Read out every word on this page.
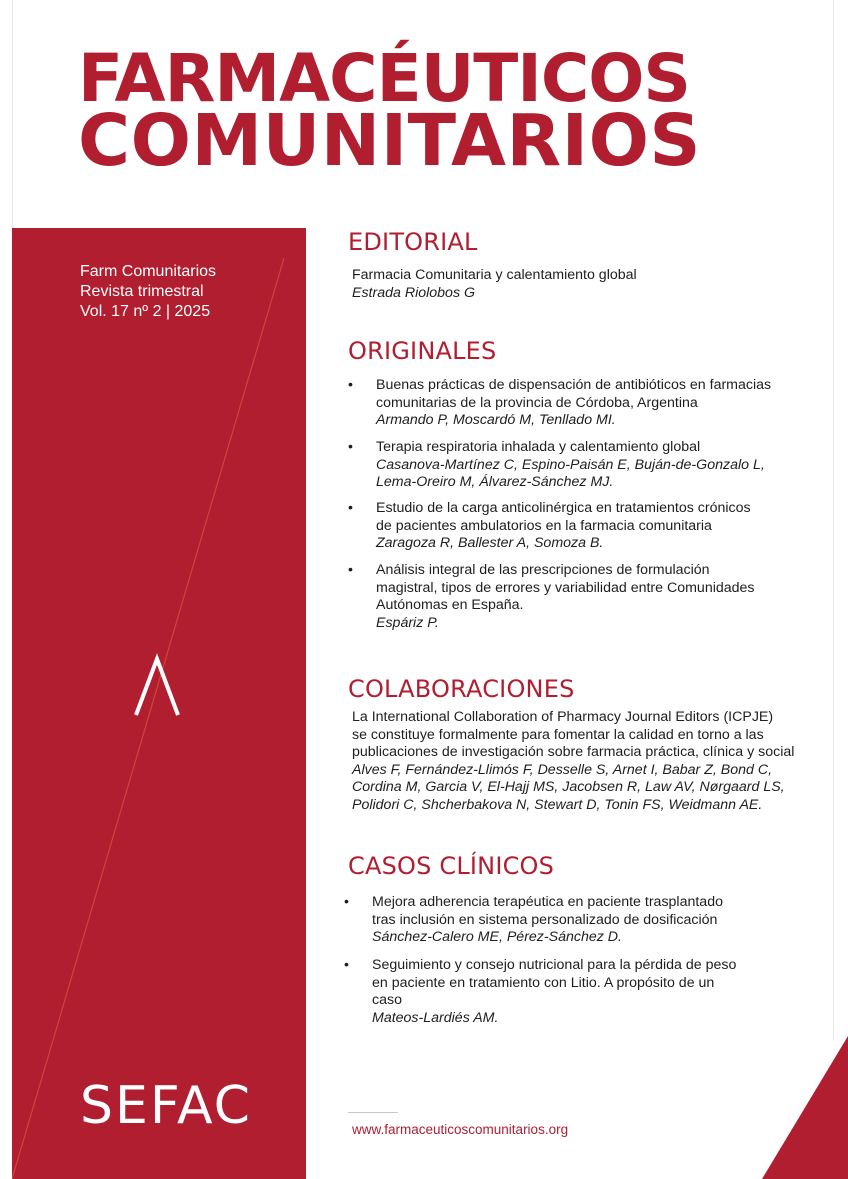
FARMACÉUTICOS
COMUNITARIOS
Farm Comunitarios
Revista trimestral
Vol. 17 nº 2 | 2025
SEFAC
EDITORIAL
Farmacia Comunitaria y calentamiento global
Estrada Riolobos G
ORIGINALES
•	Buenas prácticas de dispensación de antibióticos en farmacias
comunitarias de la provincia de Córdoba, Argentina
Armando P, Moscardó M, Tenllado MI.
•	Terapia respiratoria inhalada y calentamiento global
Casanova-Martínez C, Espino-Paisán E, Buján-de-Gonzalo L,
Lema-Oreiro M, Álvarez-Sánchez MJ.
•	Estudio de la carga anticolinérgica en tratamientos crónicos
de pacientes ambulatorios en la farmacia comunitaria
Zaragoza R, Ballester A, Somoza B.
•	Análisis integral de las prescripciones de formulación
magistral, tipos de errores y variabilidad entre Comunidades
Autónomas en España.
Espáriz P.
COLABORACIONES
La International Collaboration of Pharmacy Journal Editors (ICPJE)
se constituye formalmente para fomentar la calidad en torno a las
publicaciones de investigación sobre farmacia práctica, clínica y social
Alves F, Fernández-Llimós F, Desselle S, Arnet I, Babar Z, Bond C,
Cordina M, Garcia V, El-Hajj MS, Jacobsen R, Law AV, Nørgaard LS,
Polidori C, Shcherbakova N, Stewart D, Tonin FS, Weidmann AE.
CASOS CLÍNICOS
•	Mejora adherencia terapéutica en paciente trasplantado
tras inclusión en sistema personalizado de dosificación
Sánchez-Calero ME, Pérez-Sánchez D.
•	Seguimiento y consejo nutricional para la pérdida de peso
en paciente en tratamiento con Litio. A propósito de un
caso
Mateos-Lardiés AM.
www.farmaceuticoscomunitarios.org
